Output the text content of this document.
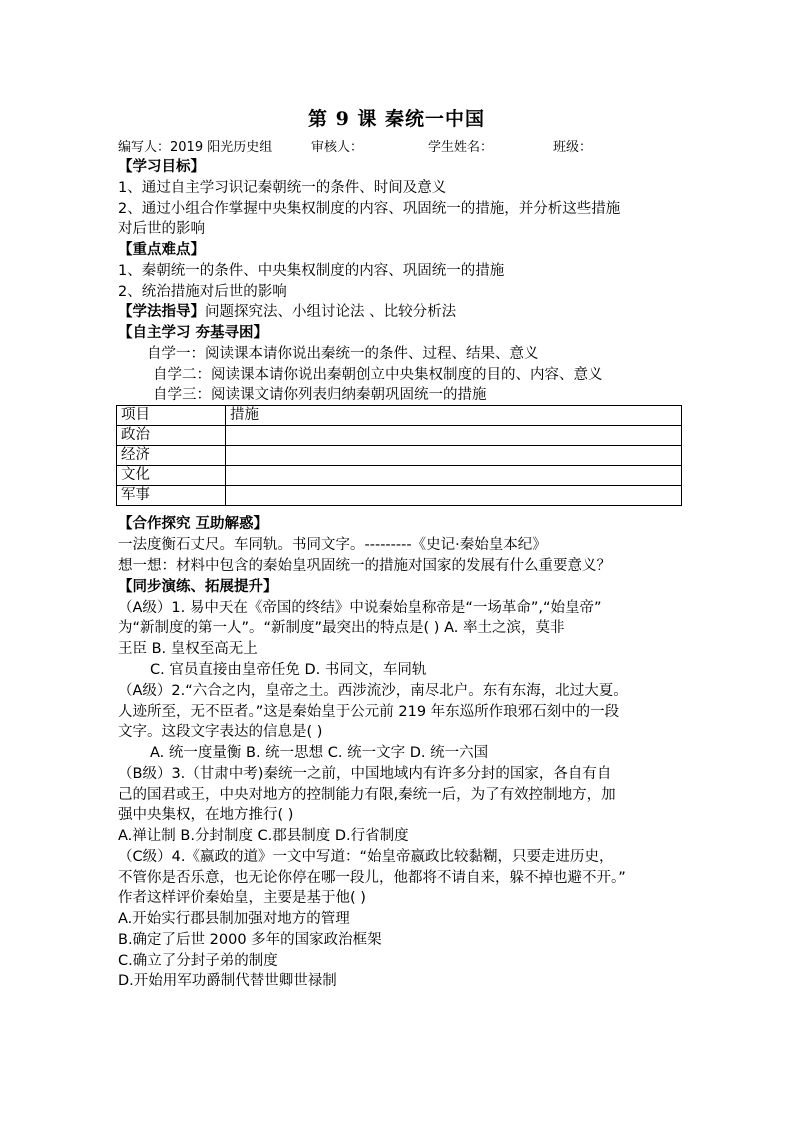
第 9 课 秦统一中国
编写人：2019 阳光历史组	审核人：	学生姓名：	班级：
【学习目标】
1、通过自主学习识记秦朝统一的条件、时间及意义
2、通过小组合作掌握中央集权制度的内容、巩固统一的措施，并分析这些措施
对后世的影响
【重点难点】
1、秦朝统一的条件、中央集权制度的内容、巩固统一的措施
2、统治措施对后世的影响
【学法指导】问题探究法、小组讨论法 、比较分析法
【自主学习 夯基寻困】
自学一：阅读课本请你说出秦统一的条件、过程、结果、意义
自学二：阅读课本请你说出秦朝创立中央集权制度的目的、内容、意义
自学三：阅读课文请你列表归纳秦朝巩固统一的措施
项目	措施
政治	
经济	
文化	
军事	
【合作探究 互助解惑】
一法度衡石丈尺。车同轨。书同文字。---------《史记·秦始皇本纪》
想一想：材料中包含的秦始皇巩固统一的措施对国家的发展有什么重要意义？
【同步演练、拓展提升】
（A级）1. 易中天在《帝国的终结》中说秦始皇称帝是“一场革命”,“始皇帝”
为“新制度的第一人”。“新制度”最突出的特点是( ) A. 率土之滨，莫非
王臣 B. 皇权至高无上
C. 官员直接由皇帝任免 D. 书同文，车同轨
（A级）2.“六合之内，皇帝之土。西涉流沙，南尽北户。东有东海，北过大夏。
人迹所至，无不臣者。”这是秦始皇于公元前 219 年东巡所作琅邪石刻中的一段
文字。这段文字表达的信息是( )
A. 统一度量衡 B. 统一思想 C. 统一文字 D. 统一六国
（B级）3.（甘肃中考)秦统一之前，中国地域内有许多分封的国家，各自有自
己的国君或王，中央对地方的控制能力有限,秦统一后，为了有效控制地方，加
强中央集权，在地方推行( )
A.禅让制 B.分封制度 C.郡县制度 D.行省制度
（C级）4.《嬴政的道》一文中写道：“始皇帝嬴政比较黏糊，只要走进历史，
不管你是否乐意，也无论你停在哪一段儿，他都将不请自来，躲不掉也避不开。”
作者这样评价秦始皇，主要是基于他( )
A.开始实行郡县制加强对地方的管理
B.确定了后世 2000 多年的国家政治框架
C.确立了分封子弟的制度
D.开始用军功爵制代替世卿世禄制
